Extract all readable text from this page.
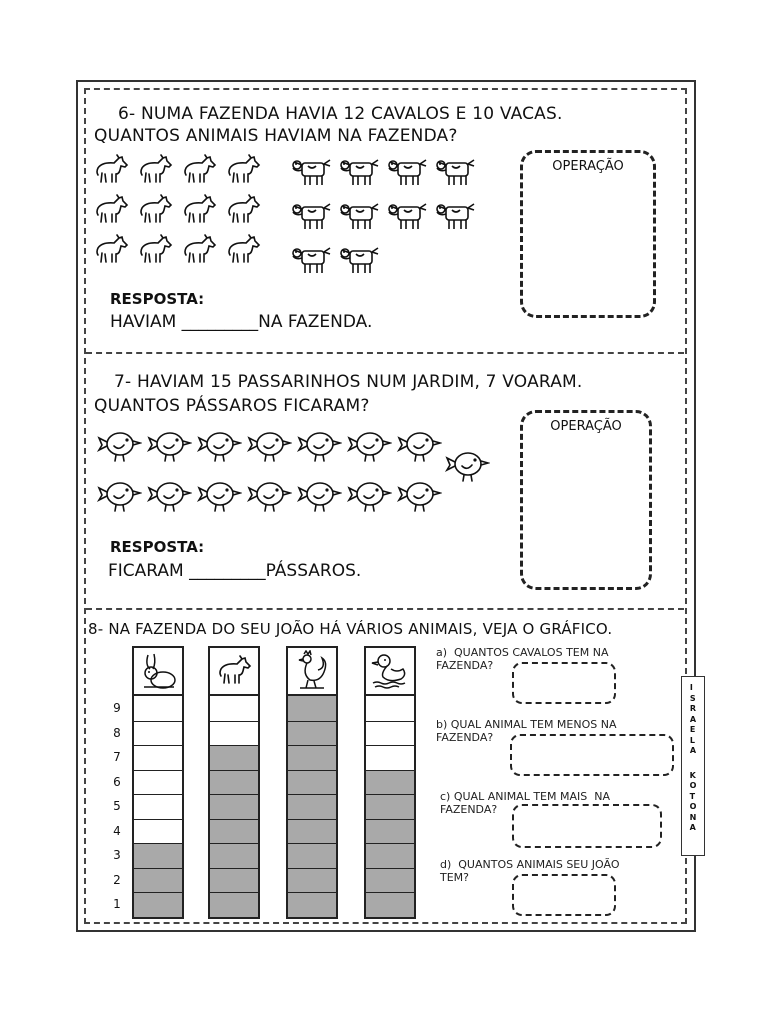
6- NUMA FAZENDA HAVIA 12 CAVALOS E 10 VACAS.
QUANTOS ANIMAIS HAVIAM NA FAZENDA?
OPERAÇÃO
RESPOSTA:
HAVIAM _________NA FAZENDA.
7- HAVIAM 15 PASSARINHOS NUM JARDIM, 7 VOARAM.
QUANTOS PÁSSAROS FICARAM?
OPERAÇÃO
RESPOSTA:
FICARAM _________PÁSSAROS.
8- NA FAZENDA DO SEU JOÃO HÁ VÁRIOS ANIMAIS, VEJA O GRÁFICO.
1
2
3
4
5
6
7
8
9
a)  QUANTOS CAVALOS TEM NA
FAZENDA?
b) QUAL ANIMAL TEM MENOS NA
FAZENDA?
c) QUAL ANIMAL TEM MAIS  NA
FAZENDA?
d)  QUANTOS ANIMAIS SEU JOÃO
TEM?
I
S
R
A
E
L
A
K
O
T
O
N
A
